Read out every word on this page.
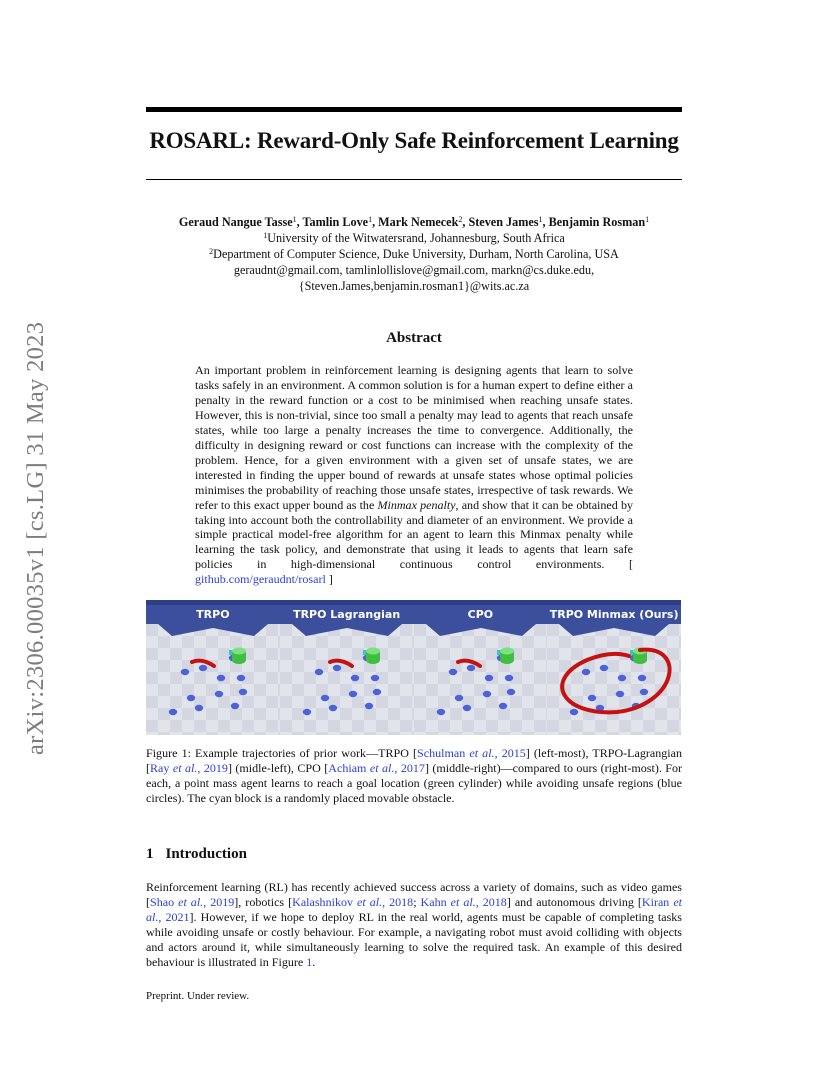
arXiv:2306.00035v1 [cs.LG] 31 May 2023
ROSARL: Reward-Only Safe Reinforcement Learning
Geraud Nangue Tasse$^1$, Tamlin Love$^1$, Mark Nemecek$^2$, Steven James$^1$, Benjamin Rosman$^1$
$^1$University of the Witwatersrand, Johannesburg, South Africa
$^2$Department of Computer Science, Duke University, Durham, North Carolina, USA
geraudnt@gmail.com, tamlinlollislove@gmail.com, markn@cs.duke.edu,
{Steven.James,benjamin.rosman1}@wits.ac.za
Abstract
An important problem in reinforcement learning is designing agents that learn to solve tasks safely in an environment. A common solution is for a human expert to define either a penalty in the reward function or a cost to be minimised when reaching unsafe states. However, this is non-trivial, since too small a penalty may lead to agents that reach unsafe states, while too large a penalty increases the time to convergence. Additionally, the difficulty in designing reward or cost functions can increase with the complexity of the problem. Hence, for a given environment with a given set of unsafe states, we are interested in finding the upper bound of rewards at unsafe states whose optimal policies minimises the probability of reaching those unsafe states, irrespective of task rewards. We refer to this exact upper bound as the Minmax penalty, and show that it can be obtained by taking into account both the controllability and diameter of an environment. We provide a simple practical model-free algorithm for an agent to learn this Minmax penalty while learning the task policy, and demonstrate that using it leads to agents that learn safe policies in high-dimensional continuous control environments. [ github.com/geraudnt/rosarl ]
TRPO	TRPO Lagrangian	CPO	TRPO Minmax (Ours)
Figure 1: Example trajectories of prior work—TRPO [Schulman et al., 2015] (left-most), TRPO-Lagrangian [Ray et al., 2019] (midle-left), CPO [Achiam et al., 2017] (middle-right)—compared to ours (right-most). For each, a point mass agent learns to reach a goal location (green cylinder) while avoiding unsafe regions (blue circles). The cyan block is a randomly placed movable obstacle.
1 Introduction
Reinforcement learning (RL) has recently achieved success across a variety of domains, such as video games [Shao et al., 2019], robotics [Kalashnikov et al., 2018; Kahn et al., 2018] and autonomous driving [Kiran et al., 2021]. However, if we hope to deploy RL in the real world, agents must be capable of completing tasks while avoiding unsafe or costly behaviour. For example, a navigating robot must avoid colliding with objects and actors around it, while simultaneously learning to solve the required task. An example of this desired behaviour is illustrated in Figure 1.
Preprint. Under review.
